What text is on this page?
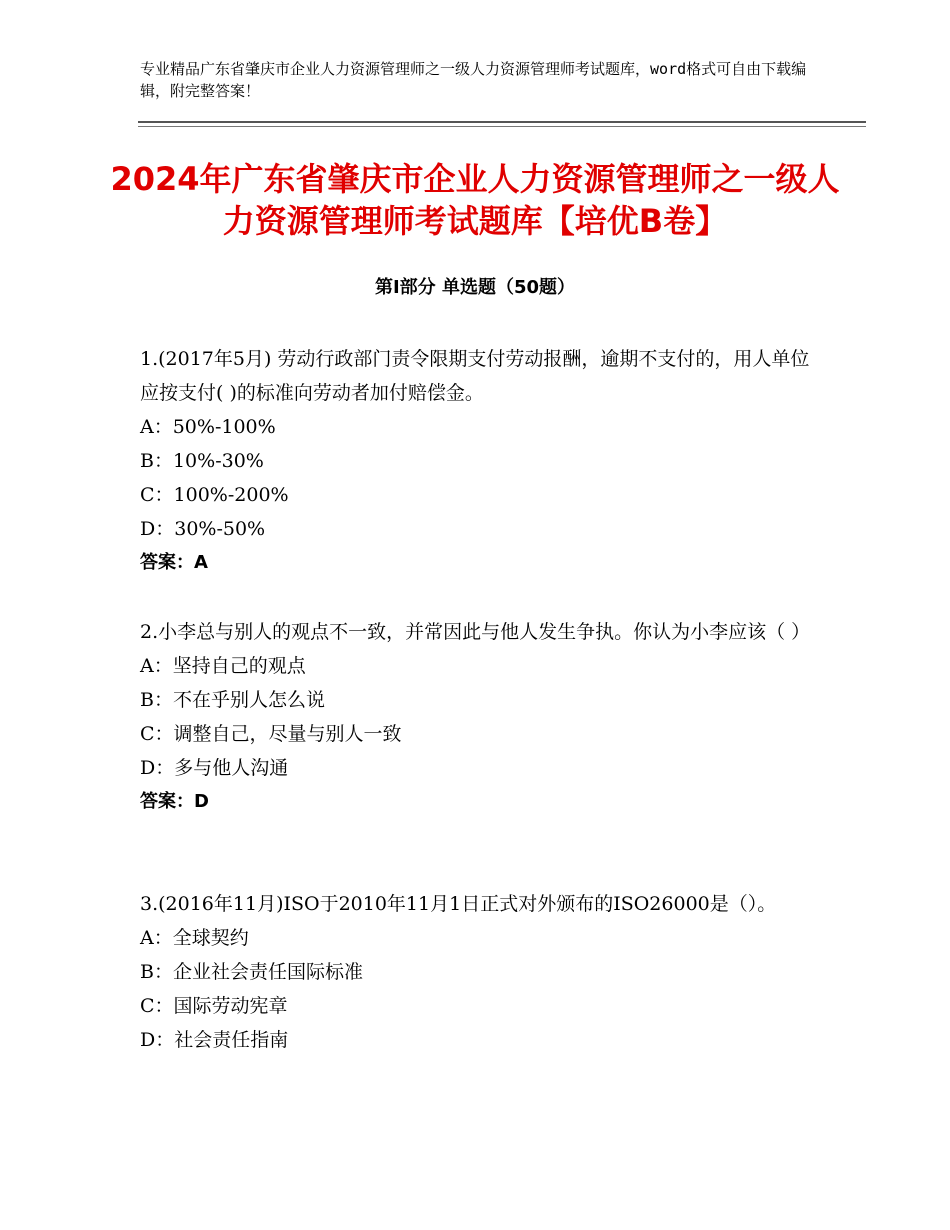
专业精品广东省肇庆市企业人力资源管理师之一级人力资源管理师考试题库，word格式可自由下载编辑，附完整答案！
2024年广东省肇庆市企业人力资源管理师之一级人力资源管理师考试题库【培优B卷】
第I部分 单选题（50题）

1.(2017年5月) 劳动行政部门责令限期支付劳动报酬，逾期不支付的，用人单位应按支付( )的标准向劳动者加付赔偿金。

A：50%-100%
B：10%-30%
C：100%-200%
D：30%-50%
答案：A

2.小李总与别人的观点不一致，并常因此与他人发生争执。你认为小李应该（ ）

A：坚持自己的观点
B：不在乎别人怎么说
C：调整自己，尽量与别人一致
D：多与他人沟通
答案：D

3.(2016年11月)ISO于2010年11月1日正式对外颁布的ISO26000是（）。

A：全球契约
B：企业社会责任国际标准
C：国际劳动宪章
D：社会责任指南
